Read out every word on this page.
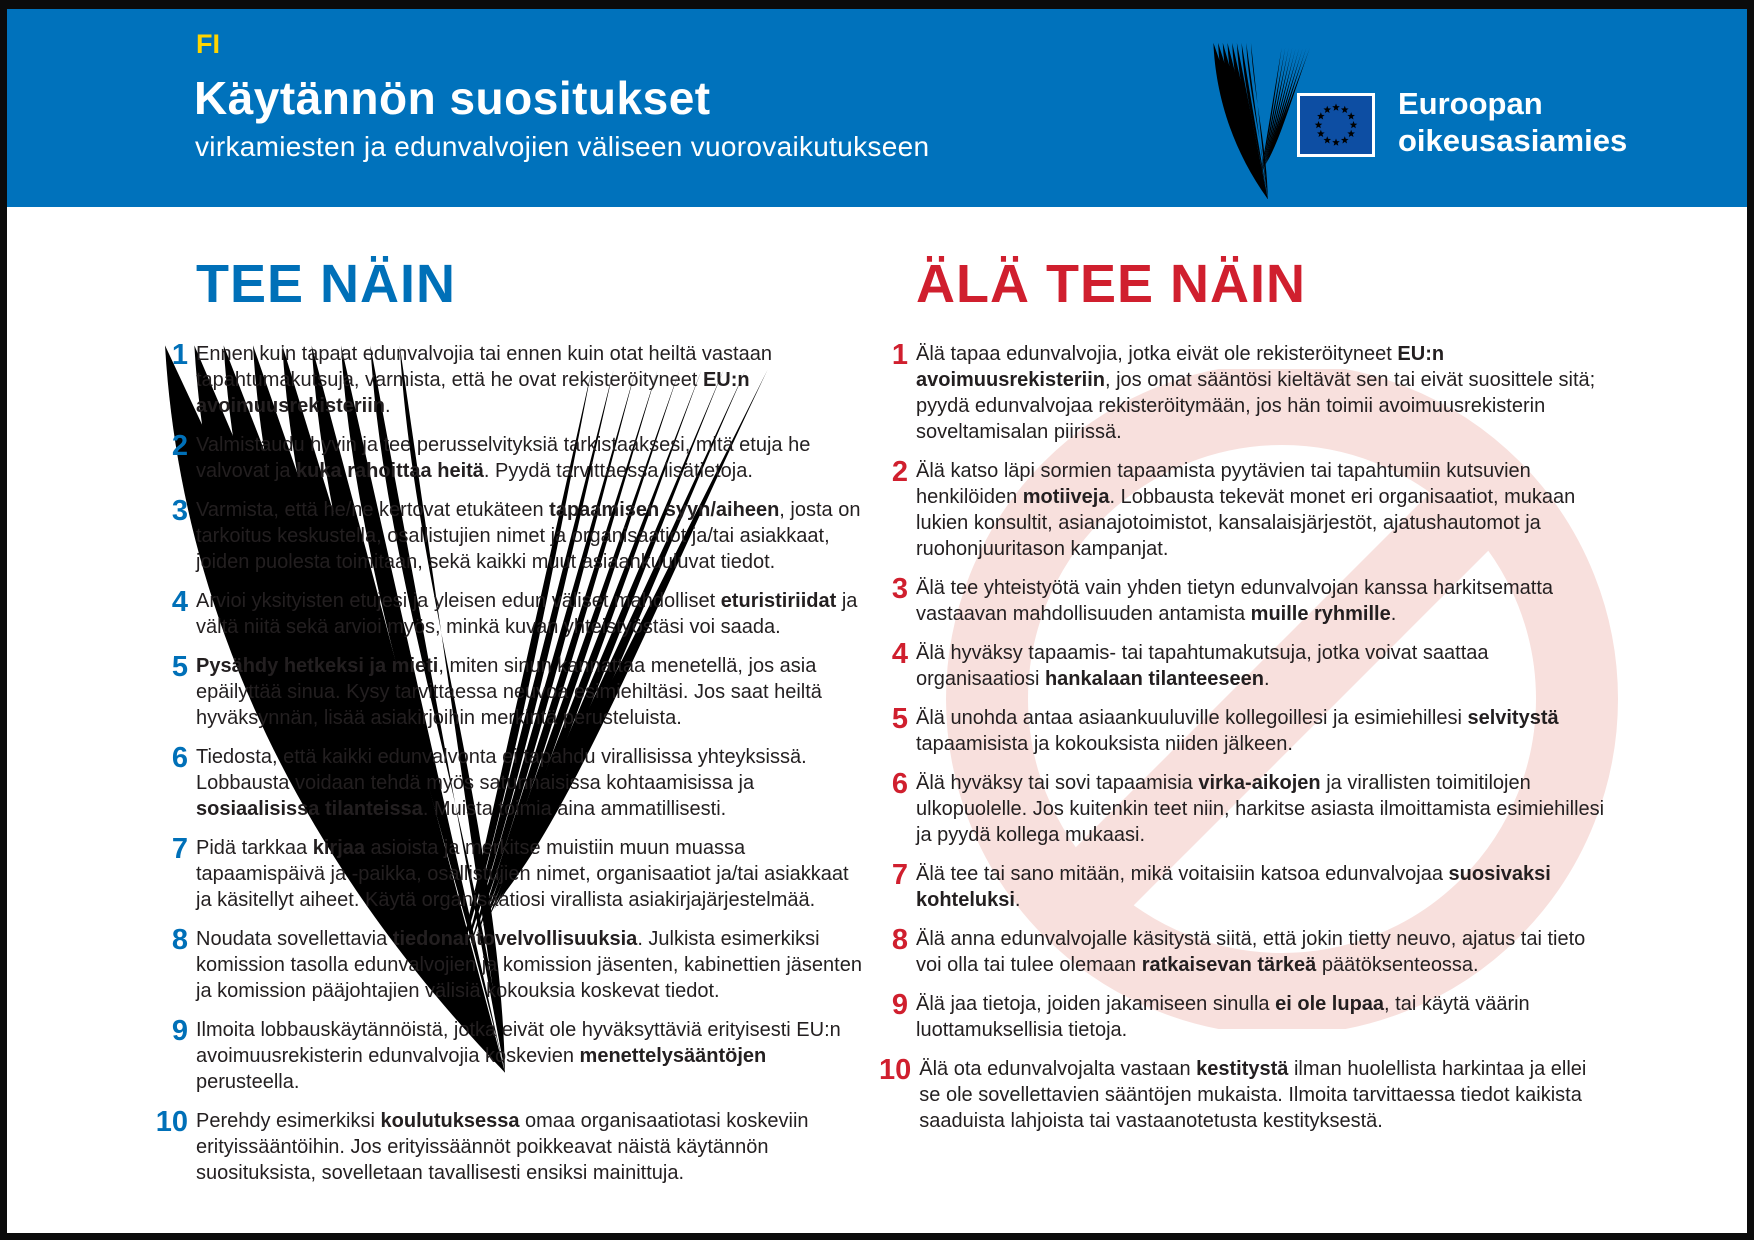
FI
Käytännön suositukset
virkamiesten ja edunvalvojien väliseen vuorovaikutukseen
Euroopan
oikeusasiamies
TEE NÄIN
1 Ennen kuin tapaat edunvalvojia tai ennen kuin otat heiltä vastaan tapahtumakutsuja, varmista, että he ovat rekisteröityneet EU:n avoimuusrekisteriin.
2 Valmistaudu hyvin ja tee perusselvityksiä tarkistaaksesi, mitä etuja he valvovat ja kuka rahoittaa heitä. Pyydä tarvittaessa lisätietoja.
3 Varmista, että he/ne kertovat etukäteen tapaamisen syyn/aiheen, josta on tarkoitus keskustella, osallistujien nimet ja organisaatiot ja/tai asiakkaat, joiden puolesta toimitaan, sekä kaikki muut asiaankuuluvat tiedot.
4 Arvioi yksityisten etujesi ja yleisen edun väliset mahdolliset eturistiriidat ja vältä niitä sekä arvioi myös, minkä kuvan yhteistyöstäsi voi saada.
5 Pysähdy hetkeksi ja mieti, miten sinun kannattaa menetellä, jos asia epäilyttää sinua. Kysy tarvittaessa neuvoa esimiehiltäsi. Jos saat heiltä hyväksynnän, lisää asiakirjoihin merkintä perusteluista.
6 Tiedosta, että kaikki edunvalvonta ei tapahdu virallisissa yhteyksissä. Lobbausta voidaan tehdä myös satunnaisissa kohtaamisissa ja sosiaalisissa tilanteissa. Muista toimia aina ammatillisesti.
7 Pidä tarkkaa kirjaa asioista ja merkitse muistiin muun muassa tapaamispäivä ja -paikka, osallistujien nimet, organisaatiot ja/tai asiakkaat ja käsitellyt aiheet. Käytä organisaatiosi virallista asiakirjajärjestelmää.
8 Noudata sovellettavia tiedonantovelvollisuuksia. Julkista esimerkiksi komission tasolla edunvalvojien ja komission jäsenten, kabinettien jäsenten ja komission pääjohtajien välisiä kokouksia koskevat tiedot.
9 Ilmoita lobbauskäytännöistä, jotka eivät ole hyväksyttäviä erityisesti EU:n avoimuusrekisterin edunvalvojia koskevien menettelysääntöjen perusteella.
10 Perehdy esimerkiksi koulutuksessa omaa organisaatiotasi koskeviin erityissääntöihin. Jos erityissäännöt poikkeavat näistä käytännön suosituksista, sovelletaan tavallisesti ensiksi mainittuja.
ÄLÄ TEE NÄIN
1 Älä tapaa edunvalvojia, jotka eivät ole rekisteröityneet EU:n avoimuusrekisteriin, jos omat sääntösi kieltävät sen tai eivät suosittele sitä; pyydä edunvalvojaa rekisteröitymään, jos hän toimii avoimuusrekisterin soveltamisalan piirissä.
2 Älä katso läpi sormien tapaamista pyytävien tai tapahtumiin kutsuvien henkilöiden motiiveja. Lobbausta tekevät monet eri organisaatiot, mukaan lukien konsultit, asianajotoimistot, kansalaisjärjestöt, ajatushautomot ja ruohonjuuritason kampanjat.
3 Älä tee yhteistyötä vain yhden tietyn edunvalvojan kanssa harkitsematta vastaavan mahdollisuuden antamista muille ryhmille.
4 Älä hyväksy tapaamis- tai tapahtumakutsuja, jotka voivat saattaa organisaatiosi hankalaan tilanteeseen.
5 Älä unohda antaa asiaankuuluville kollegoillesi ja esimiehillesi selvitystä tapaamisista ja kokouksista niiden jälkeen.
6 Älä hyväksy tai sovi tapaamisia virka-aikojen ja virallisten toimitilojen ulkopuolelle. Jos kuitenkin teet niin, harkitse asiasta ilmoittamista esimiehillesi ja pyydä kollega mukaasi.
7 Älä tee tai sano mitään, mikä voitaisiin katsoa edunvalvojaa suosivaksi kohteluksi.
8 Älä anna edunvalvojalle käsitystä siitä, että jokin tietty neuvo, ajatus tai tieto voi olla tai tulee olemaan ratkaisevan tärkeä päätöksenteossa.
9 Älä jaa tietoja, joiden jakamiseen sinulla ei ole lupaa, tai käytä väärin luottamuksellisia tietoja.
10 Älä ota edunvalvojalta vastaan kestitystä ilman huolellista harkintaa ja ellei se ole sovellettavien sääntöjen mukaista. Ilmoita tarvittaessa tiedot kaikista saaduista lahjoista tai vastaanotetusta kestityksestä.
